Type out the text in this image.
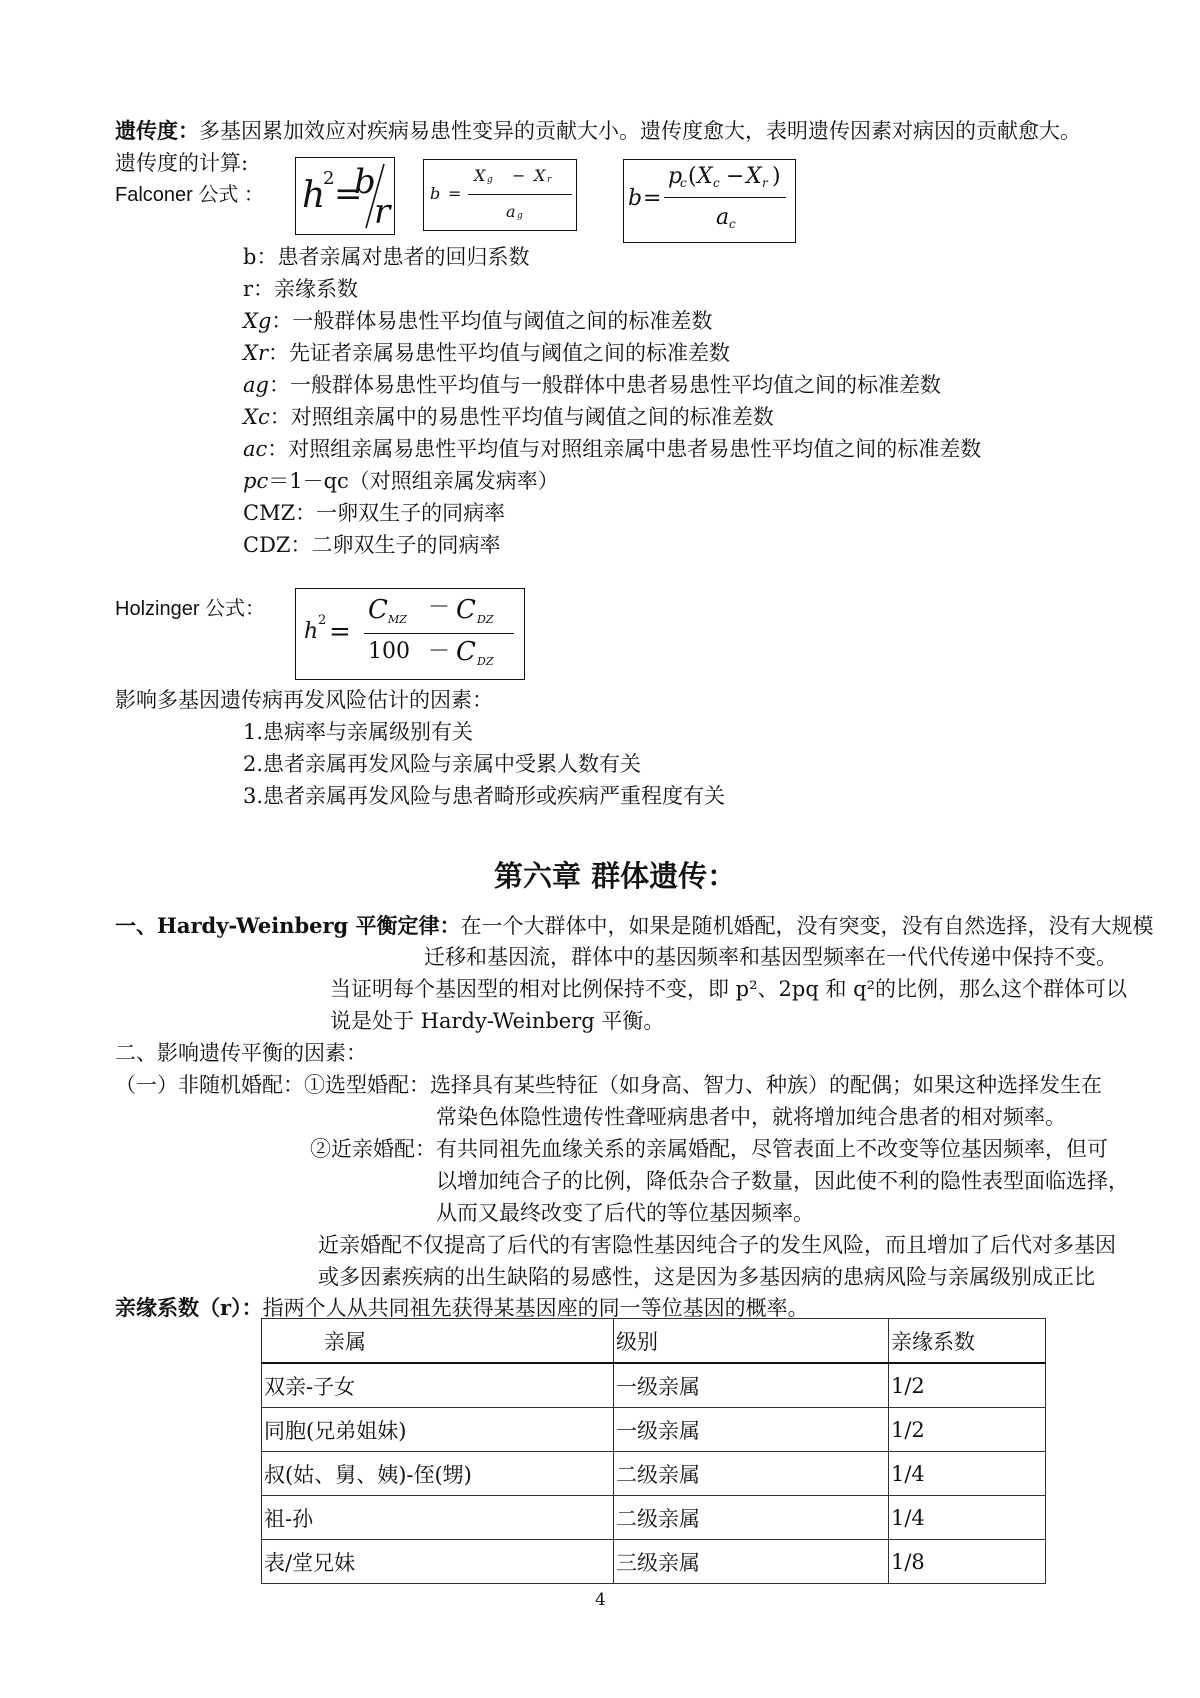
遗传度：多基因累加效应对疾病易患性变异的贡献大小。遗传度愈大，表明遗传因素对病因的贡献愈大。
遗传度的计算:
Falconer 公式 ： h
2 =
b
r b =
X g − X r
a g
b =
p
c ( X c − X r )
a c
b：患者亲属对患者的回归系数
r：亲缘系数
Xg：一般群体易患性平均值与阈值之间的标准差数
Xr：先证者亲属易患性平均值与阈值之间的标准差数
ag：一般群体易患性平均值与一般群体中患者易患性平均值之间的标准差数
Xc：对照组亲属中的易患性平均值与阈值之间的标准差数
ac：对照组亲属易患性平均值与对照组亲属中患者易患性平均值之间的标准差数
pc＝1－qc（对照组亲属发病率）
CMZ：一卵双生子的同病率
CDZ：二卵双生子的同病率
Holzinger 公式：
h 2 =
C MZ － C DZ
100 － C DZ
影响多基因遗传病再发风险估计的因素：
1.患病率与亲属级别有关
2.患者亲属再发风险与亲属中受累人数有关
3.患者亲属再发风险与患者畸形或疾病严重程度有关
第六章 群体遗传：
一、Hardy-Weinberg 平衡定律：在一个大群体中，如果是随机婚配，没有突变，没有自然选择，没有大规模
迁移和基因流，群体中的基因频率和基因型频率在一代代传递中保持不变。
当证明每个基因型的相对比例保持不变，即 p²、2pq 和 q²的比例，那么这个群体可以
说是处于 Hardy-Weinberg 平衡。
二、影响遗传平衡的因素：
（一）非随机婚配：①选型婚配：选择具有某些特征（如身高、智力、种族）的配偶；如果这种选择发生在
常染色体隐性遗传性聋哑病患者中，就将增加纯合患者的相对频率。
②近亲婚配：有共同祖先血缘关系的亲属婚配，尽管表面上不改变等位基因频率，但可
以增加纯合子的比例，降低杂合子数量，因此使不利的隐性表型面临选择，
从而又最终改变了后代的等位基因频率。
近亲婚配不仅提高了后代的有害隐性基因纯合子的发生风险，而且增加了后代对多基因
或多因素疾病的出生缺陷的易感性，这是因为多基因病的患病风险与亲属级别成正比
亲缘系数（r）：指两个人从共同祖先获得某基因座的同一等位基因的概率。
亲属	级别	亲缘系数
双亲-子女	一级亲属	1/2
同胞(兄弟姐妹)	一级亲属	1/2
叔(姑、舅、姨)-侄(甥)	二级亲属	1/4
祖-孙	二级亲属	1/4
表/堂兄妹	三级亲属	1/8
4
